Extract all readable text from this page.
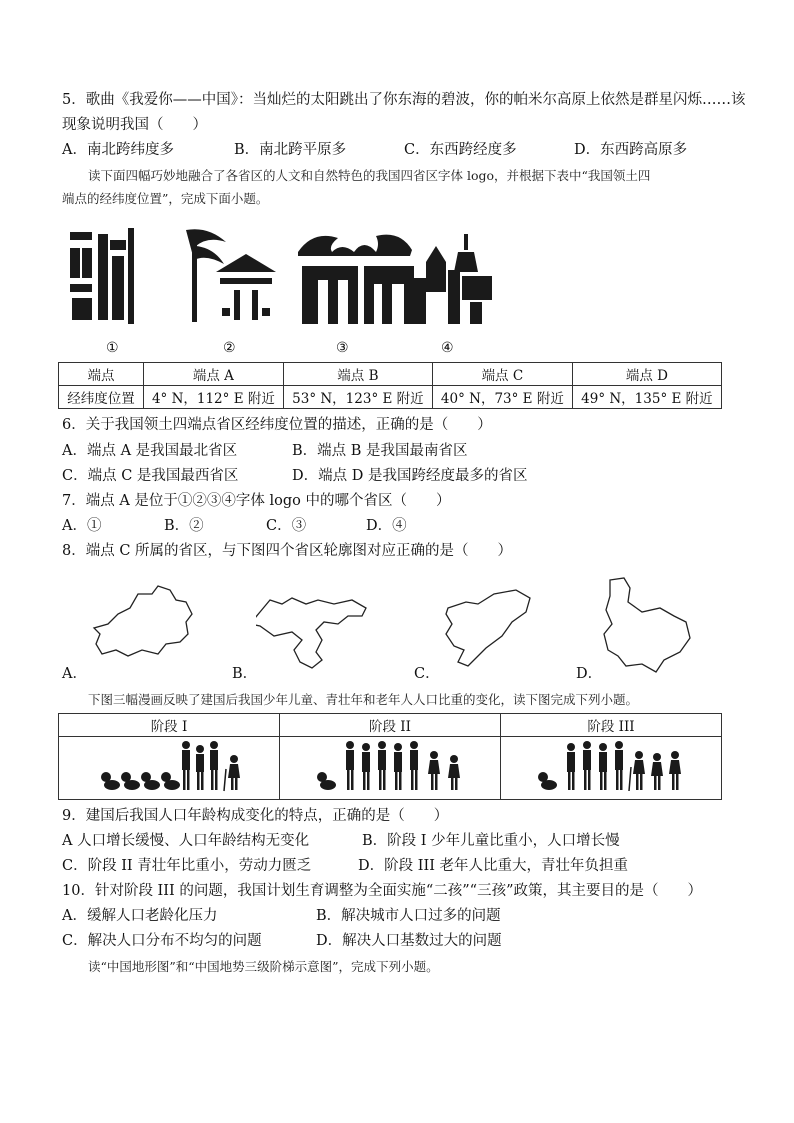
5．歌曲《我爱你——中国》：当灿烂的太阳跳出了你东海的碧波，你的帕米尔高原上依然是群星闪烁……该
现象说明我国（　　）
A．南北跨纬度多	B．南北跨平原多	C．东西跨经度多	D．东西跨高原多
读下面四幅巧妙地融合了各省区的人文和自然特色的我国四省区字体 logo，并根据下表中“我国领土四
端点的经纬度位置”，完成下面小题。
①	②	③	④
端点	端点 A	端点 B	端点 C	端点 D
经纬度位置	4° N，112° E 附近	53° N，123° E 附近	40° N，73° E 附近	49° N，135° E 附近
6．关于我国领土四端点省区经纬度位置的描述，正确的是（　　）
A．端点 A 是我国最北省区	B．端点 B 是我国最南省区
C．端点 C 是我国最西省区	D．端点 D 是我国跨经度最多的省区
7．端点 A 是位于①②③④字体 logo 中的哪个省区（　　）
A．①	B．②	C．③	D．④
8．端点 C 所属的省区，与下图四个省区轮廓图对应正确的是（　　）
A．	B．	C．	D．
下图三幅漫画反映了建国后我国少年儿童、青壮年和老年人人口比重的变化，读下图完成下列小题。
阶段 I	阶段 II	阶段 III

9．建国后我国人口年龄构成变化的特点，正确的是（　　）
A 人口增长缓慢、人口年龄结构无变化	B．阶段 I 少年儿童比重小，人口增长慢
C．阶段 II 青壮年比重小，劳动力匮乏	D．阶段 III 老年人比重大，青壮年负担重
10．针对阶段 III 的问题，我国计划生育调整为全面实施“二孩”“三孩”政策，其主要目的是（　　）
A．缓解人口老龄化压力	B．解决城市人口过多的问题
C．解决人口分布不均匀的问题	D．解决人口基数过大的问题
读“中国地形图”和“中国地势三级阶梯示意图”，完成下列小题。
